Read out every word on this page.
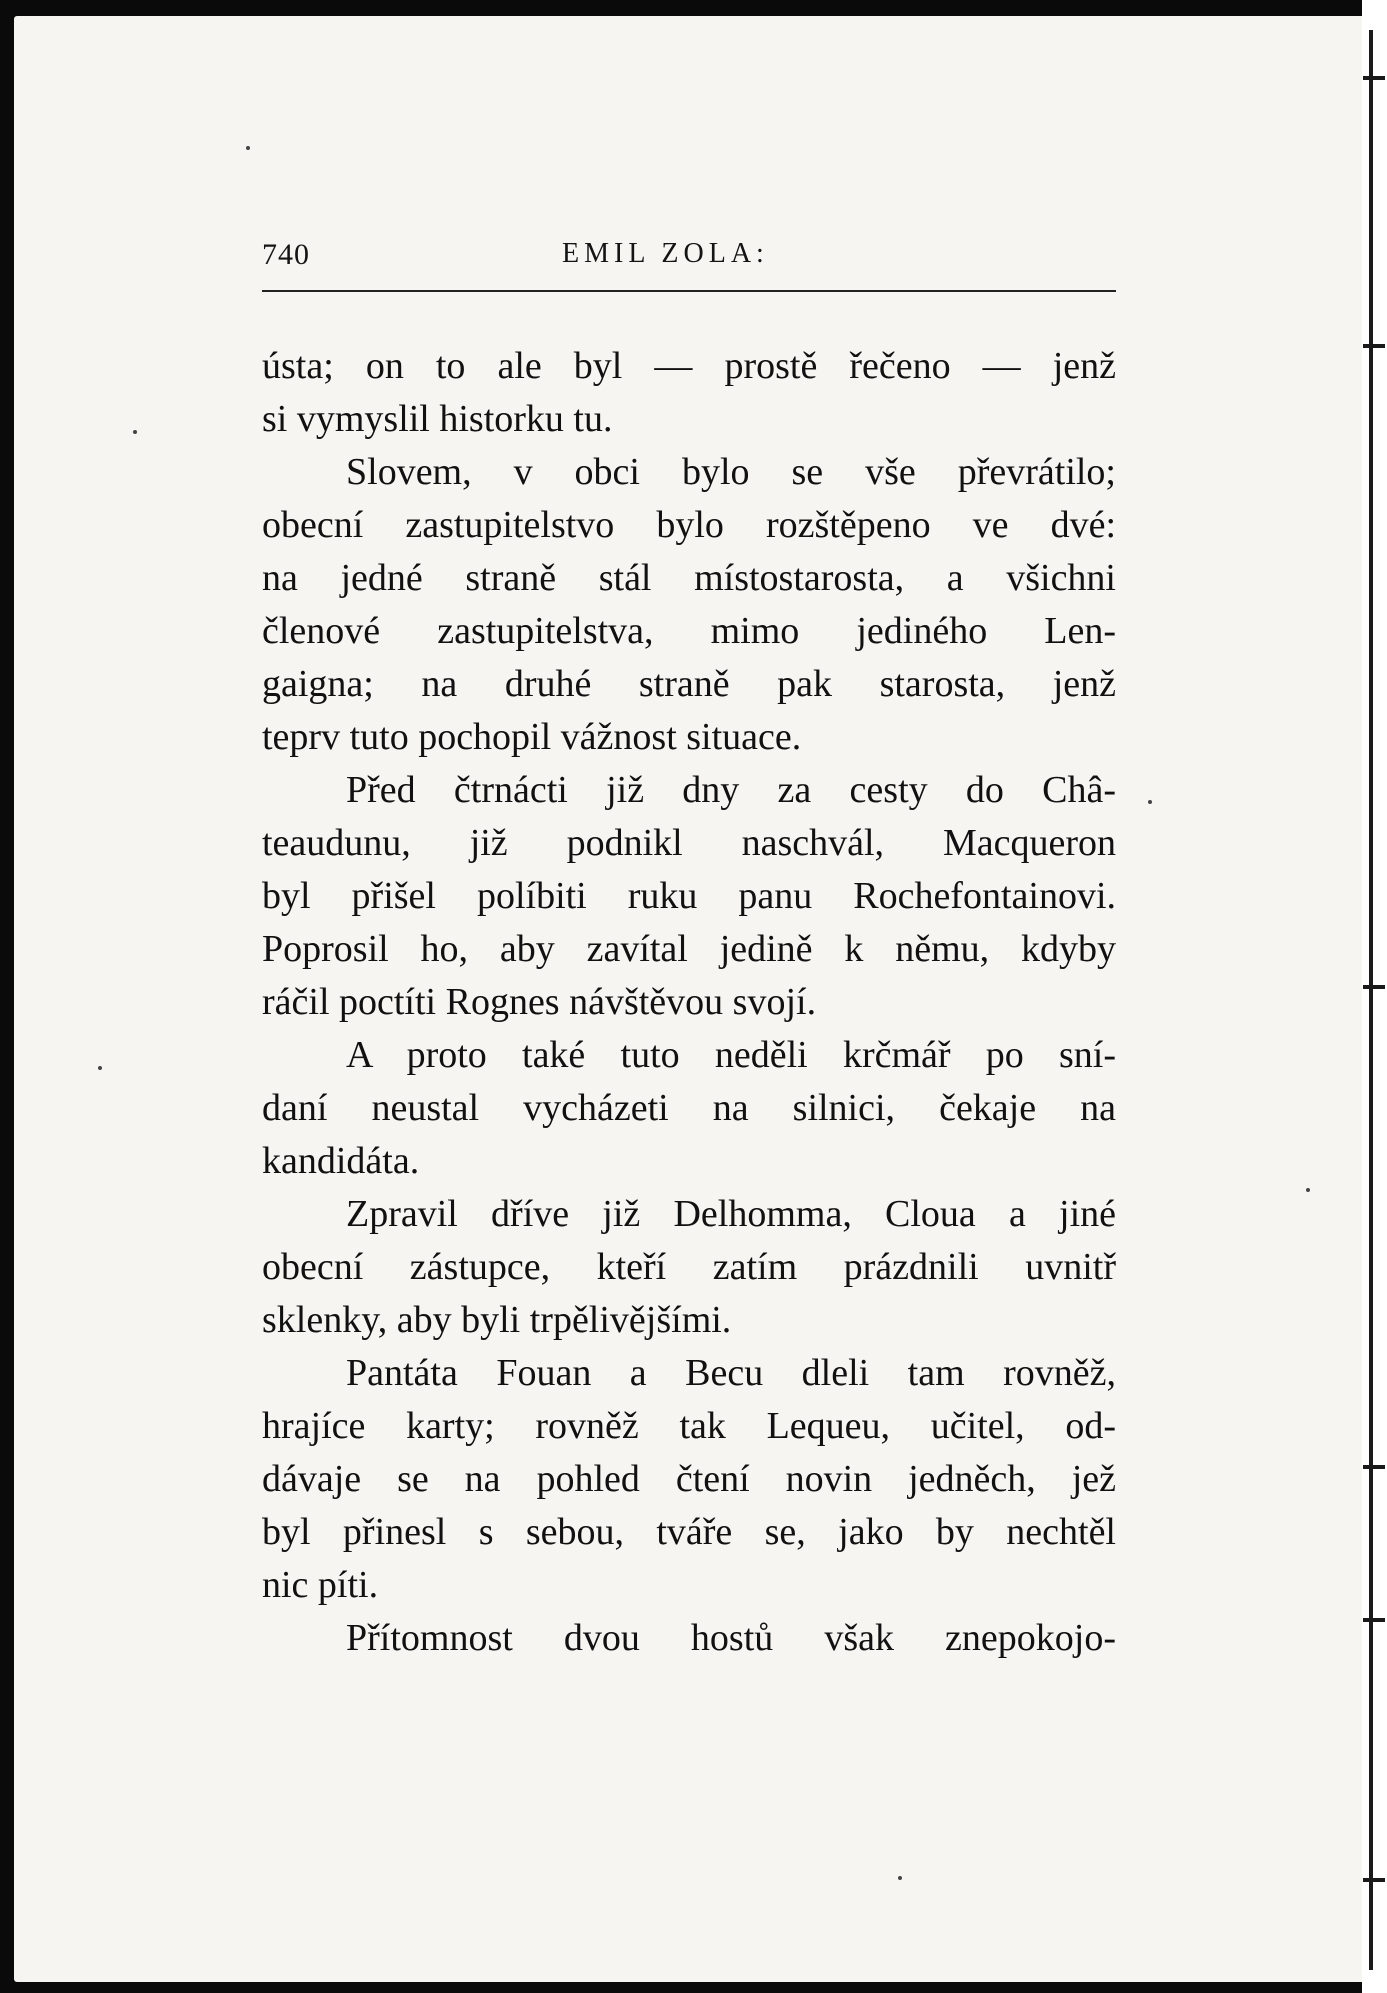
740	EMIL ZOLA:
ústa; on to ale byl — prostě řečeno — jenž
si vymyslil historku tu.
Slovem, v obci bylo se vše převrátilo;
obecní zastupitelstvo bylo rozštěpeno ve dvé:
na jedné straně stál místostarosta, a všichni
členové zastupitelstva, mimo jediného Len-
gaigna; na druhé straně pak starosta, jenž
teprv tuto pochopil vážnost situace.
Před čtrnácti již dny za cesty do Châ-
teaudunu, již podnikl naschvál, Macqueron
byl přišel políbiti ruku panu Rochefontainovi.
Poprosil ho, aby zavítal jedině k němu, kdyby
ráčil poctíti Rognes návštěvou svojí.
A proto také tuto neděli krčmář po sní-
daní neustal vycházeti na silnici, čekaje na
kandidáta.
Zpravil dříve již Delhomma, Cloua a jiné
obecní zástupce, kteří zatím prázdnili uvnitř
sklenky, aby byli trpělivějšími.
Pantáta Fouan a Becu dleli tam rovněž,
hrajíce karty; rovněž tak Lequeu, učitel, od-
dávaje se na pohled čtení novin jedněch, jež
byl přinesl s sebou, tváře se, jako by nechtěl
nic píti.
Přítomnost dvou hostů však znepokojo-
